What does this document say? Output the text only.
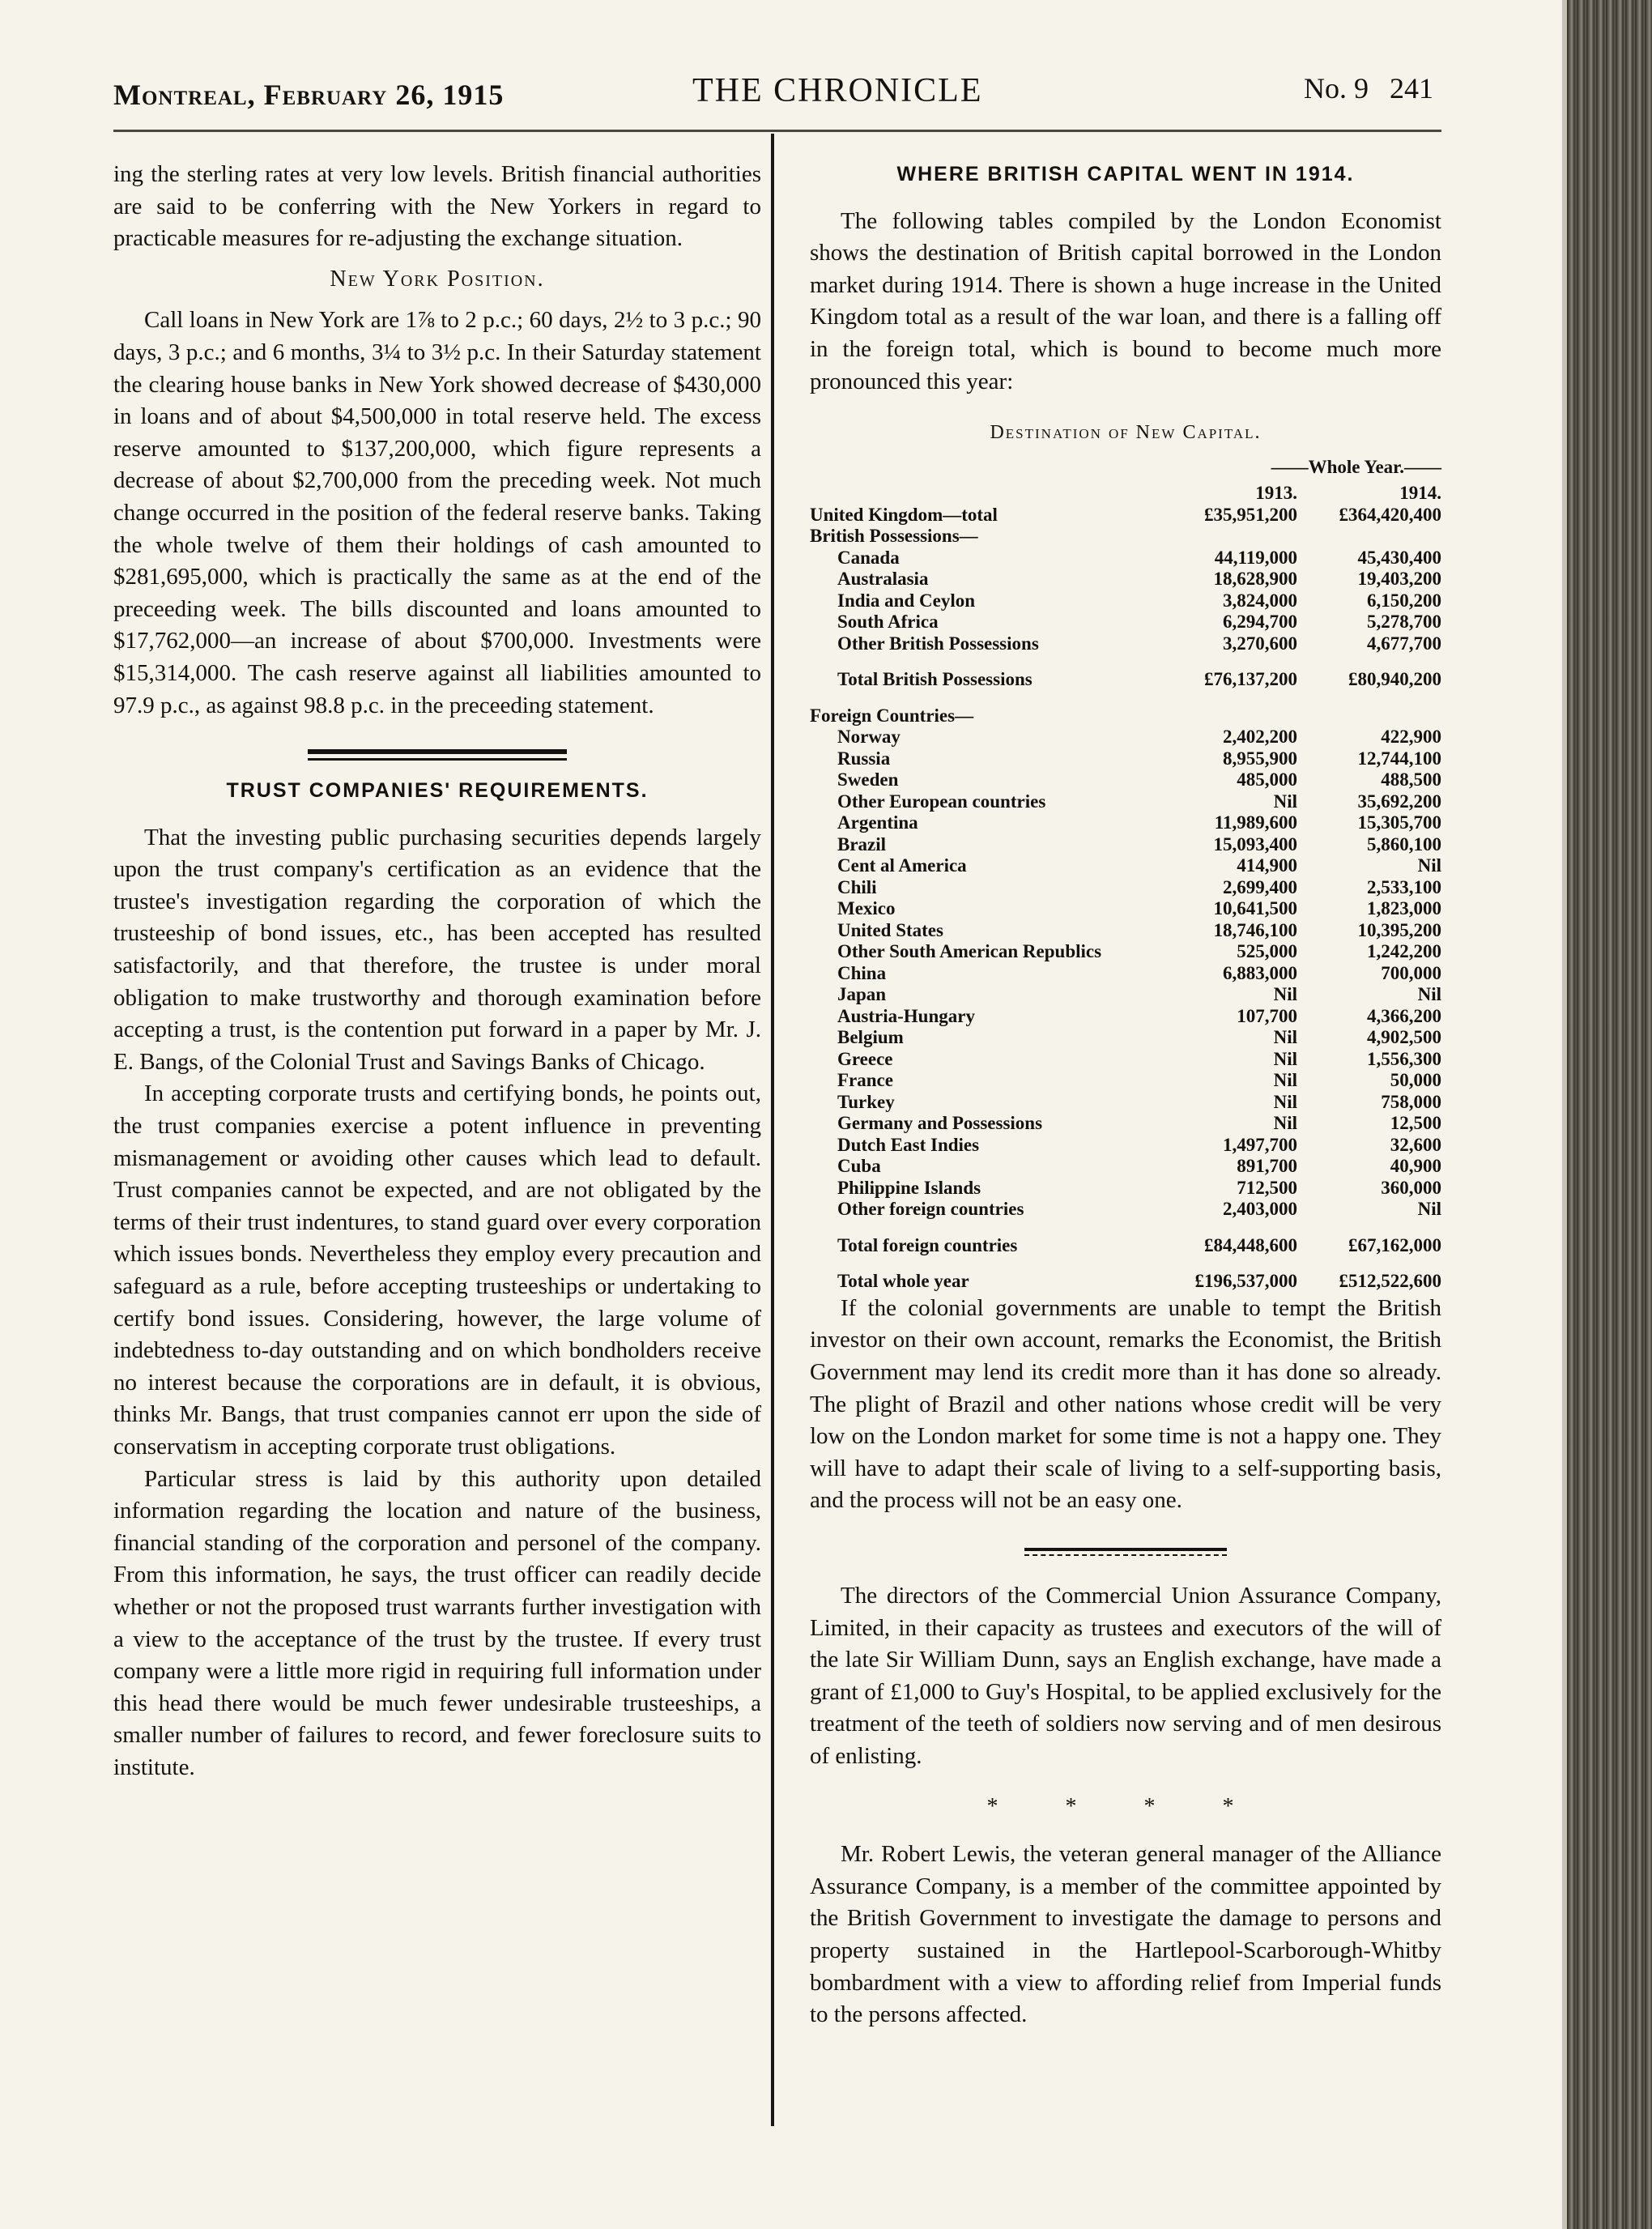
Montreal, February 26, 1915	THE CHRONICLE	No. 9 241

ing the sterling rates at very low levels. British financial authorities are said to be conferring with the New Yorkers in regard to practicable measures for re-adjusting the exchange situation.

New York Position.

Call loans in New York are 1⅞ to 2 p.c.; 60 days, 2½ to 3 p.c.; 90 days, 3 p.c.; and 6 months, 3¼ to 3½ p.c. In their Saturday statement the clearing house banks in New York showed decrease of $430,000 in loans and of about $4,500,000 in total reserve held. The excess reserve amounted to $137,200,000, which figure represents a decrease of about $2,700,000 from the preceding week. Not much change occurred in the position of the federal reserve banks. Taking the whole twelve of them their holdings of cash amounted to $281,695,000, which is practically the same as at the end of the preceeding week. The bills discounted and loans amounted to $17,762,000—an increase of about $700,000. Investments were $15,314,000. The cash reserve against all liabilities amounted to 97.9 p.c., as against 98.8 p.c. in the preceeding statement.

TRUST COMPANIES' REQUIREMENTS.

That the investing public purchasing securities depends largely upon the trust company's certification as an evidence that the trustee's investigation regarding the corporation of which the trusteeship of bond issues, etc., has been accepted has resulted satisfactorily, and that therefore, the trustee is under moral obligation to make trustworthy and thorough examination before accepting a trust, is the contention put forward in a paper by Mr. J. E. Bangs, of the Colonial Trust and Savings Banks of Chicago.

In accepting corporate trusts and certifying bonds, he points out, the trust companies exercise a potent influence in preventing mismanagement or avoiding other causes which lead to default. Trust companies cannot be expected, and are not obligated by the terms of their trust indentures, to stand guard over every corporation which issues bonds. Nevertheless they employ every precaution and safeguard as a rule, before accepting trusteeships or undertaking to certify bond issues. Considering, however, the large volume of indebtedness to-day outstanding and on which bondholders receive no interest because the corporations are in default, it is obvious, thinks Mr. Bangs, that trust companies cannot err upon the side of conservatism in accepting corporate trust obligations.

Particular stress is laid by this authority upon detailed information regarding the location and nature of the business, financial standing of the corporation and personel of the company. From this information, he says, the trust officer can readily decide whether or not the proposed trust warrants further investigation with a view to the acceptance of the trust by the trustee. If every trust company were a little more rigid in requiring full information under this head there would be much fewer undesirable trusteeships, a smaller number of failures to record, and fewer foreclosure suits to institute.

WHERE BRITISH CAPITAL WENT IN 1914.

The following tables compiled by the London Economist shows the destination of British capital borrowed in the London market during 1914. There is shown a huge increase in the United Kingdom total as a result of the war loan, and there is a falling off in the foreign total, which is bound to become much more pronounced this year:

Destination of New Capital.
——Whole Year.——
	1913.	1914.
United Kingdom—total	£35,951,200	£364,420,400
British Possessions—		
Canada	44,119,000	45,430,400
Australasia	18,628,900	19,403,200
India and Ceylon	3,824,000	6,150,200
South Africa	6,294,700	5,278,700
Other British Possessions	3,270,600	4,677,700

Total British Possessions	£76,137,200	£80,940,200

Foreign Countries—		
Norway	2,402,200	422,900
Russia	8,955,900	12,744,100
Sweden	485,000	488,500
Other European countries	Nil	35,692,200
Argentina	11,989,600	15,305,700
Brazil	15,093,400	5,860,100
Cent al America	414,900	Nil
Chili	2,699,400	2,533,100
Mexico	10,641,500	1,823,000
United States	18,746,100	10,395,200
Other South American Republics	525,000	1,242,200
China	6,883,000	700,000
Japan	Nil	Nil
Austria-Hungary	107,700	4,366,200
Belgium	Nil	4,902,500
Greece	Nil	1,556,300
France	Nil	50,000
Turkey	Nil	758,000
Germany and Possessions	Nil	12,500
Dutch East Indies	1,497,700	32,600
Cuba	891,700	40,900
Philippine Islands	712,500	360,000
Other foreign countries	2,403,000	Nil

Total foreign countries	£84,448,600	£67,162,000

Total whole year	£196,537,000	£512,522,600

If the colonial governments are unable to tempt the British investor on their own account, remarks the Economist, the British Government may lend its credit more than it has done so already. The plight of Brazil and other nations whose credit will be very low on the London market for some time is not a happy one. They will have to adapt their scale of living to a self-supporting basis, and the process will not be an easy one.

The directors of the Commercial Union Assurance Company, Limited, in their capacity as trustees and executors of the will of the late Sir William Dunn, says an English exchange, have made a grant of £1,000 to Guy's Hospital, to be applied exclusively for the treatment of the teeth of soldiers now serving and of men desirous of enlisting.

* * * *

Mr. Robert Lewis, the veteran general manager of the Alliance Assurance Company, is a member of the committee appointed by the British Government to investigate the damage to persons and property sustained in the Hartlepool-Scarborough-Whitby bombardment with a view to affording relief from Imperial funds to the persons affected.
